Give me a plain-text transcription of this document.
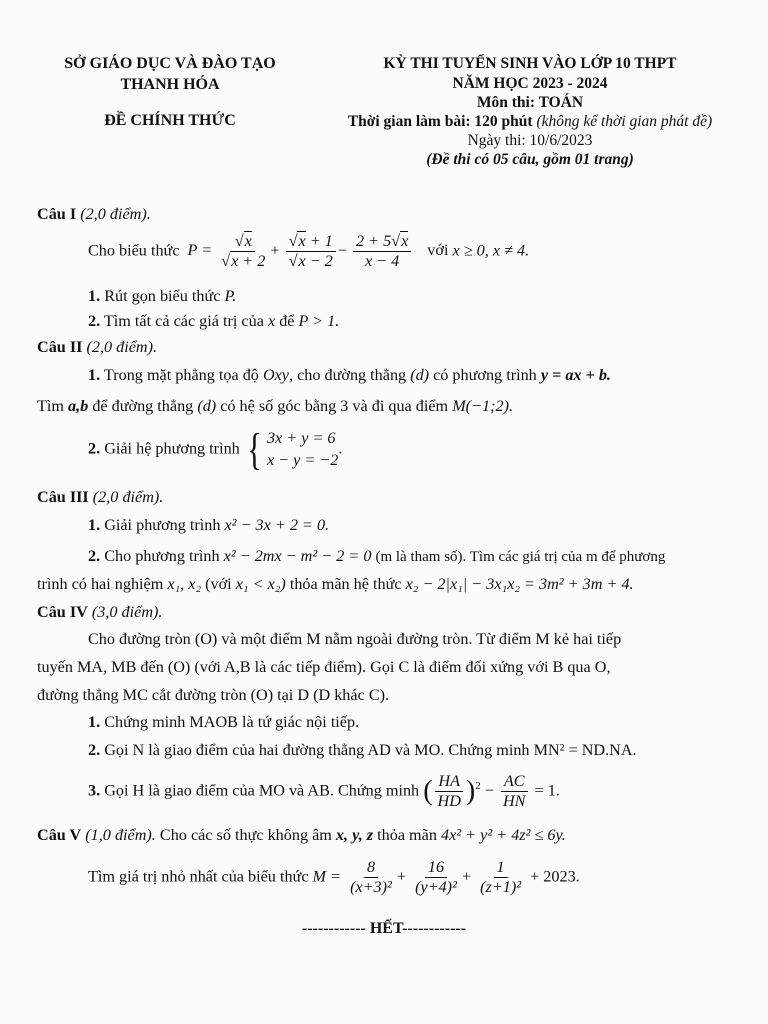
SỞ GIÁO DỤC VÀ ĐÀO TẠO
THANH HÓA
ĐỀ CHÍNH THỨC
KỲ THI TUYỂN SINH VÀO LỚP 10 THPT
NĂM HỌC 2023 - 2024
Môn thi: TOÁN
Thời gian làm bài: 120 phút (không kể thời gian phát đề)
Ngày thi: 10/6/2023
(Đề thi có 05 câu, gồm 01 trang)
Câu I (2,0 điểm).
Cho biểu thức P = √ x
√ x + 2 + √ x + 1
√ $x - 2 - \frac{2 + 5 √ x}{x - 4}$ với x ≥ 0, x ≠ 4.
1. Rút gọn biểu thức P.
2. Tìm tất cả các giá trị của x để P > 1.
Câu II (2,0 điểm).
1. Trong mặt phẳng tọa độ Oxy, cho đường thẳng (d) có phương trình y = ax + b.
Tìm a,b để đường thẳng (d) có hệ số góc bằng 3 và đi qua điểm M(−1;2).
2. Giải hệ phương trình { 3x + y = 6
x − y = −2
.
Câu III (2,0 điểm).
1. Giải phương trình x² − 3x + 2 = 0.
2. Cho phương trình x² − 2mx − m² − 2 = 0 (m là tham số). Tìm các giá trị của m để phương
trình có hai nghiệm x₁, x₂ (với x₁ < x₂) thỏa mãn hệ thức x₂ − 2|x₁| − 3x₁x₂ = 3m² + 3m + 4.
Câu IV (3,0 điểm).
Cho đường tròn (O) và một điểm M nằm ngoài đường tròn. Từ điểm M kẻ hai tiếp
tuyến MA, MB đến (O) (với A,B là các tiếp điểm). Gọi C là điểm đối xứng với B qua O,
đường thẳng MC cắt đường tròn (O) tại D (D khác C).
1. Chứng minh MAOB là tứ giác nội tiếp.
2. Gọi N là giao điểm của hai đường thẳng AD và MO. Chứng minh MN² = ND.NA.
3. Gọi H là giao điểm của MO và AB. Chứng minh ( $\frac{HA}{HD} )^2 - \frac{AC}{HN} = 1$.
Câu V (1,0 điểm). Cho các số thực không âm x, y, z thỏa mãn 4x² + y² + 4z² ≤ 6y.
Tìm giá trị nhỏ nhất của biểu thức $M = \frac{8}{\text{(x+3)²}} + \frac{16}{\text{(y+4)²}} + \frac{1}{\text{(z+1)²}} + 2023$.
------------ HẾT------------
